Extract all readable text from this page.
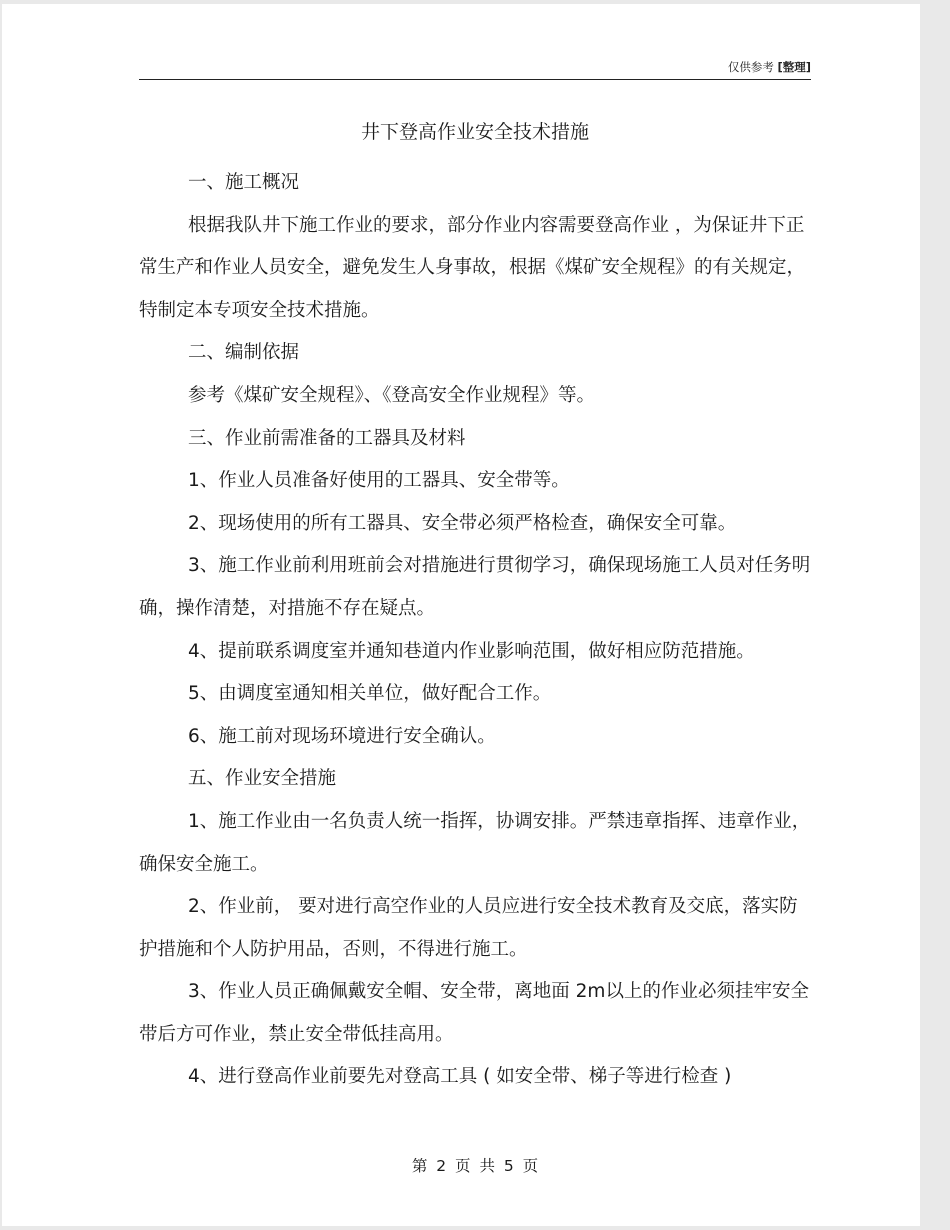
仅供参考 [整理]
井下登高作业安全技术措施

一、施工概况

根据我队井下施工作业的要求，部分作业内容需要登高作业 ，为保证井下正常生产和作业人员安全，避免发生人身事故，根据《煤矿安全规程》的有关规定，特制定本专项安全技术措施。

二、编制依据

参考《煤矿安全规程》、《登高安全作业规程》等。

三、作业前需准备的工器具及材料

1、作业人员准备好使用的工器具、安全带等。

2、现场使用的所有工器具、安全带必须严格检查，确保安全可靠。

3、施工作业前利用班前会对措施进行贯彻学习，确保现场施工人员对任务明确，操作清楚，对措施不存在疑点。

4、提前联系调度室并通知巷道内作业影响范围，做好相应防范措施。

5、由调度室通知相关单位，做好配合工作。

6、施工前对现场环境进行安全确认。

五、作业安全措施

1、施工作业由一名负责人统一指挥，协调安排。严禁违章指挥、违章作业，确保安全施工。

2、作业前， 要对进行高空作业的人员应进行安全技术教育及交底，落实防护措施和个人防护用品，否则，不得进行施工。

3、作业人员正确佩戴安全帽、安全带，离地面 2m以上的作业必须挂牢安全带后方可作业，禁止安全带低挂高用。

4、进行登高作业前要先对登高工具 ( 如安全带、梯子等进行检查 )

第 2 页 共 5 页
